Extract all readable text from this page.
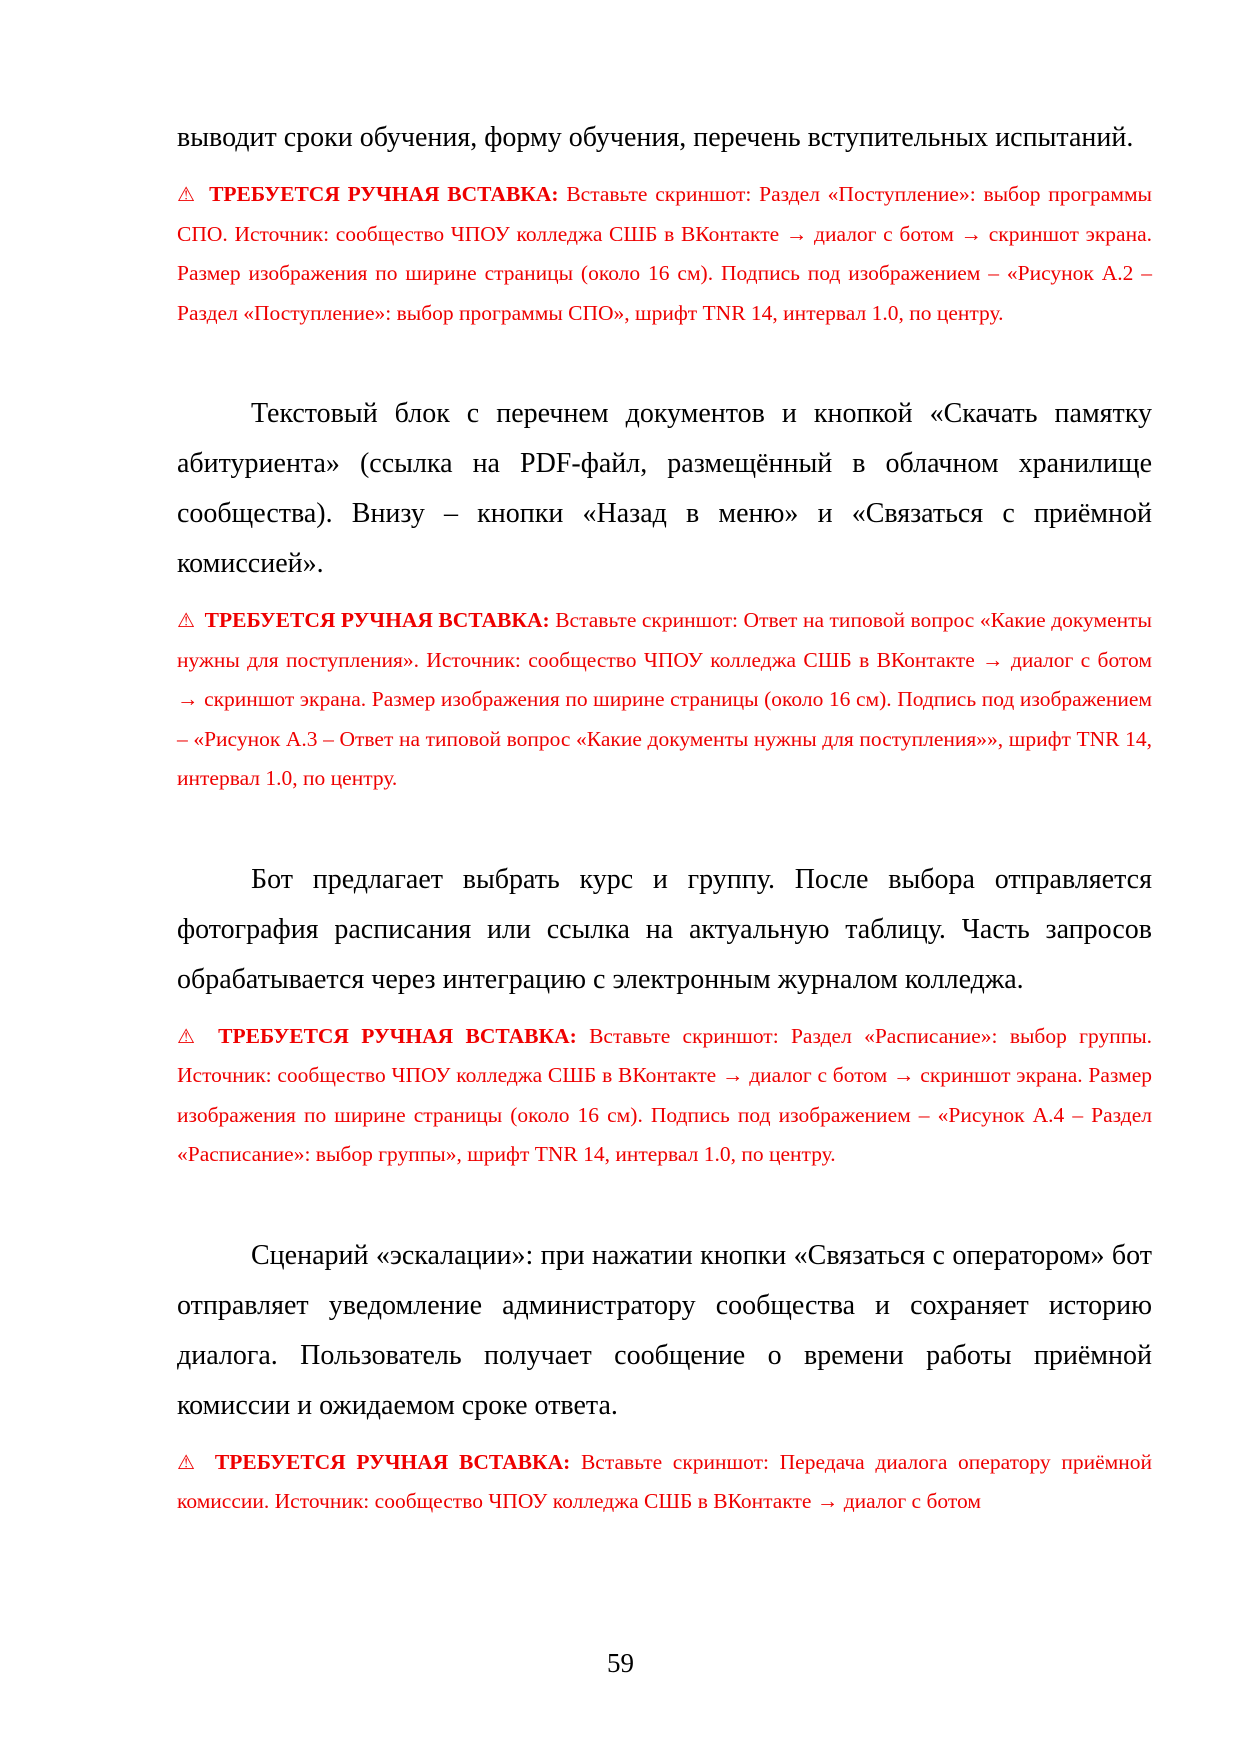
выводит сроки обучения, форму обучения, перечень вступительных испытаний.

⚠ ТРЕБУЕТСЯ РУЧНАЯ ВСТАВКА: Вставьте скриншот: Раздел «Поступление»: выбор программы СПО. Источник: сообщество ЧПОУ колледжа СШБ в ВКонтакте → диалог с ботом → скриншот экрана. Размер изображения по ширине страницы (около 16 см). Подпись под изображением – «Рисунок А.2 – Раздел «Поступление»: выбор программы СПО», шрифт TNR 14, интервал 1.0, по центру.

Текстовый блок с перечнем документов и кнопкой «Скачать памятку абитуриента» (ссылка на PDF-файл, размещённый в облачном хранилище сообщества). Внизу – кнопки «Назад в меню» и «Связаться с приёмной комиссией».

⚠ ТРЕБУЕТСЯ РУЧНАЯ ВСТАВКА: Вставьте скриншот: Ответ на типовой вопрос «Какие документы нужны для поступления». Источник: сообщество ЧПОУ колледжа СШБ в ВКонтакте → диалог с ботом → скриншот экрана. Размер изображения по ширине страницы (около 16 см). Подпись под изображением – «Рисунок А.3 – Ответ на типовой вопрос «Какие документы нужны для поступления»», шрифт TNR 14, интервал 1.0, по центру.

Бот предлагает выбрать курс и группу. После выбора отправляется фотография расписания или ссылка на актуальную таблицу. Часть запросов обрабатывается через интеграцию с электронным журналом колледжа.

⚠ ТРЕБУЕТСЯ РУЧНАЯ ВСТАВКА: Вставьте скриншот: Раздел «Расписание»: выбор группы. Источник: сообщество ЧПОУ колледжа СШБ в ВКонтакте → диалог с ботом → скриншот экрана. Размер изображения по ширине страницы (около 16 см). Подпись под изображением – «Рисунок А.4 – Раздел «Расписание»: выбор группы», шрифт TNR 14, интервал 1.0, по центру.

Сценарий «эскалации»: при нажатии кнопки «Связаться с оператором» бот отправляет уведомление администратору сообщества и сохраняет историю диалога. Пользователь получает сообщение о времени работы приёмной комиссии и ожидаемом сроке ответа.

⚠ ТРЕБУЕТСЯ РУЧНАЯ ВСТАВКА: Вставьте скриншот: Передача диалога оператору приёмной комиссии. Источник: сообщество ЧПОУ колледжа СШБ в ВКонтакте → диалог с ботом

59
